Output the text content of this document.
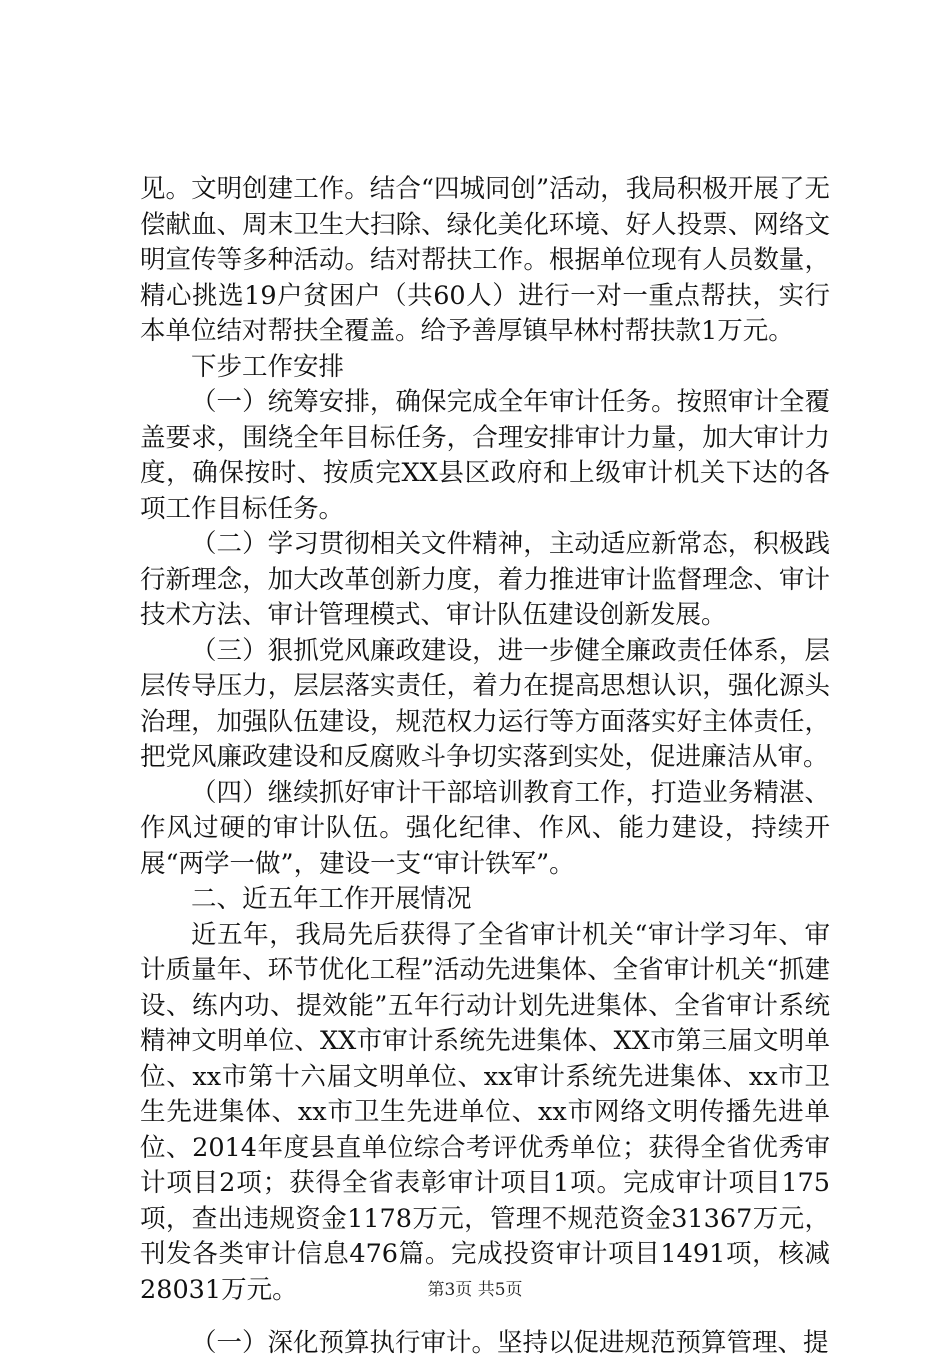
见。文明创建工作。结合“四城同创”活动，我局积极开展了无偿献血、周末卫生大扫除、绿化美化环境、好人投票、网络文明宣传等多种活动。结对帮扶工作。根据单位现有人员数量，精心挑选19户贫困户（共60人）进行一对一重点帮扶，实行本单位结对帮扶全覆盖。给予善厚镇早林村帮扶款1万元。

下步工作安排

（一）统筹安排，确保完成全年审计任务。按照审计全覆盖要求，围绕全年目标任务，合理安排审计力量，加大审计力度，确保按时、按质完XX县区政府和上级审计机关下达的各项工作目标任务。

（二）学习贯彻相关文件精神，主动适应新常态，积极践行新理念，加大改革创新力度，着力推进审计监督理念、审计技术方法、审计管理模式、审计队伍建设创新发展。

（三）狠抓党风廉政建设，进一步健全廉政责任体系，层层传导压力，层层落实责任，着力在提高思想认识，强化源头治理，加强队伍建设，规范权力运行等方面落实好主体责任，把党风廉政建设和反腐败斗争切实落到实处，促进廉洁从审。

（四）继续抓好审计干部培训教育工作，打造业务精湛、作风过硬的审计队伍。强化纪律、作风、能力建设，持续开展“两学一做”，建设一支“审计铁军”。

二、近五年工作开展情况

近五年，我局先后获得了全省审计机关“审计学习年、审计质量年、环节优化工程”活动先进集体、全省审计机关“抓建设、练内功、提效能”五年行动计划先进集体、全省审计系统精神文明单位、XX市审计系统先进集体、XX市第三届文明单位、xx市第十六届文明单位、xx审计系统先进集体、xx市卫生先进集体、xx市卫生先进单位、xx市网络文明传播先进单位、2014年度县直单位综合考评优秀单位；获得全省优秀审计项目2项；获得全省表彰审计项目1项。完成审计项目175项，查出违规资金1178万元，管理不规范资金31367万元，刊发各类审计信息476篇。完成投资审计项目1491项，核减28031万元。

（一）深化预算执行审计。坚持以促进规范预算管理、提

第3页 共5页
